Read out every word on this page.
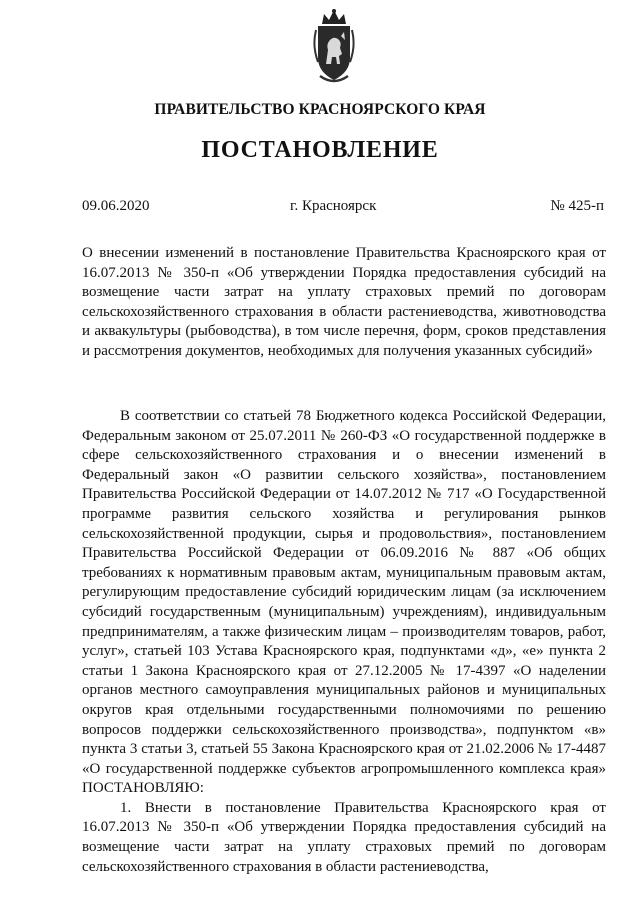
ПРАВИТЕЛЬСТВО КРАСНОЯРСКОГО КРАЯ
ПОСТАНОВЛЕНИЕ
09.06.2020	г. Красноярск	№ 425-п

О внесении изменений в постановление Правительства Красноярского края от 16.07.2013 № 350-п «Об утверждении Порядка предоставления субсидий на возмещение части затрат на уплату страховых премий по договорам сельскохозяйственного страхования в области растениеводства, животноводства и аквакультуры (рыбоводства), в том числе перечня, форм, сроков представления и рассмотрения документов, необходимых для получения указанных субсидий»

В соответствии со статьей 78 Бюджетного кодекса Российской Федерации, Федеральным законом от 25.07.2011 № 260-ФЗ «О государственной поддержке в сфере сельскохозяйственного страхования и о внесении изменений в Федеральный закон «О развитии сельского хозяйства», постановлением Правительства Российской Федерации от 14.07.2012 № 717 «О Государственной программе развития сельского хозяйства и регулирования рынков сельскохозяйственной продукции, сырья и продовольствия», постановлением Правительства Российской Федерации от 06.09.2016 № 887 «Об общих требованиях к нормативным правовым актам, муниципальным правовым актам, регулирующим предоставление субсидий юридическим лицам (за исключением субсидий государственным (муниципальным) учреждениям), индивидуальным предпринимателям, а также физическим лицам – производителям товаров, работ, услуг», статьей 103 Устава Красноярского края, подпунктами «д», «е» пункта 2 статьи 1 Закона Красноярского края от 27.12.2005 № 17-4397 «О наделении органов местного самоуправления муниципальных районов и муниципальных округов края отдельными государственными полномочиями по решению вопросов поддержки сельскохозяйственного производства», подпунктом «в» пункта 3 статьи 3, статьей 55 Закона Красноярского края от 21.02.2006 № 17-4487 «О государственной поддержке субъектов агропромышленного комплекса края» ПОСТАНОВЛЯЮ:

1. Внести в постановление Правительства Красноярского края от 16.07.2013 № 350-п «Об утверждении Порядка предоставления субсидий на возмещение части затрат на уплату страховых премий по договорам сельскохозяйственного страхования в области растениеводства,
